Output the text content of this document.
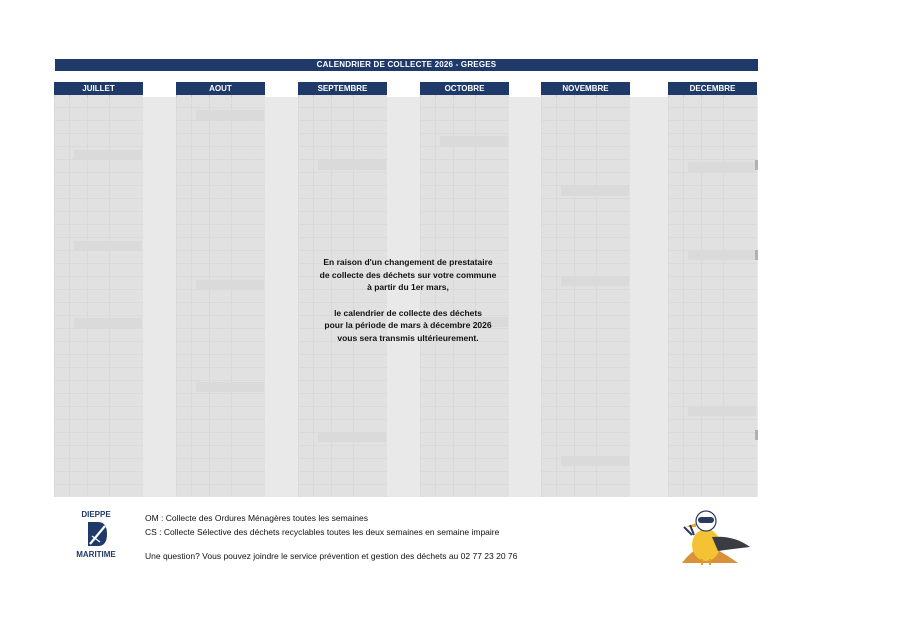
CALENDRIER DE COLLECTE 2026 - GREGES
JUILLET	AOUT	SEPTEMBRE	OCTOBRE	NOVEMBRE	DECEMBRE

En raison d'un changement de prestataire

de collecte des déchets sur votre commune

à partir du 1er mars,

le calendrier de collecte des déchets

pour la période de mars à décembre 2026

vous sera transmis ultérieurement.

DIEPPE
MARITIME
OM : Collecte des Ordures Ménagères toutes les semaines
CS : Collecte Sélective des déchets recyclables toutes les deux semaines en semaine impaire
Une question? Vous pouvez joindre le service prévention et gestion des déchets au 02 77 23 20 76
